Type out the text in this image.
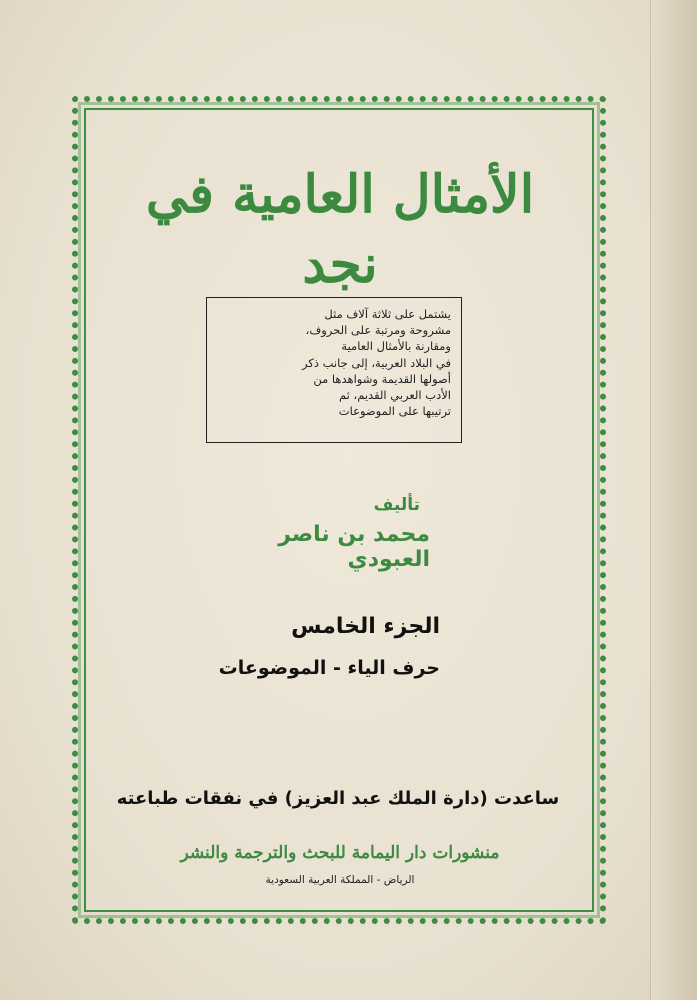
الأمثال العامية في نجد
يشتمل على ثلاثة آلاف مثل
مشروحة ومرتبة على الحروف،
ومقارنة بالأمثال العامية
في البلاد العربية، إلى جانب ذكر
أصولها القديمة وشواهدها من
الأدب العربي القديم، ثم
ترتيبها على الموضوعات
تأليف
محمد بن ناصر العبودي
الجزء الخامس
حرف الياء - الموضوعات
ساعدت (دارة الملك عبد العزيز) في نفقات طباعته
منشورات دار اليمامة للبحث والترجمة والنشر
الرياض - المملكة العربية السعودية
